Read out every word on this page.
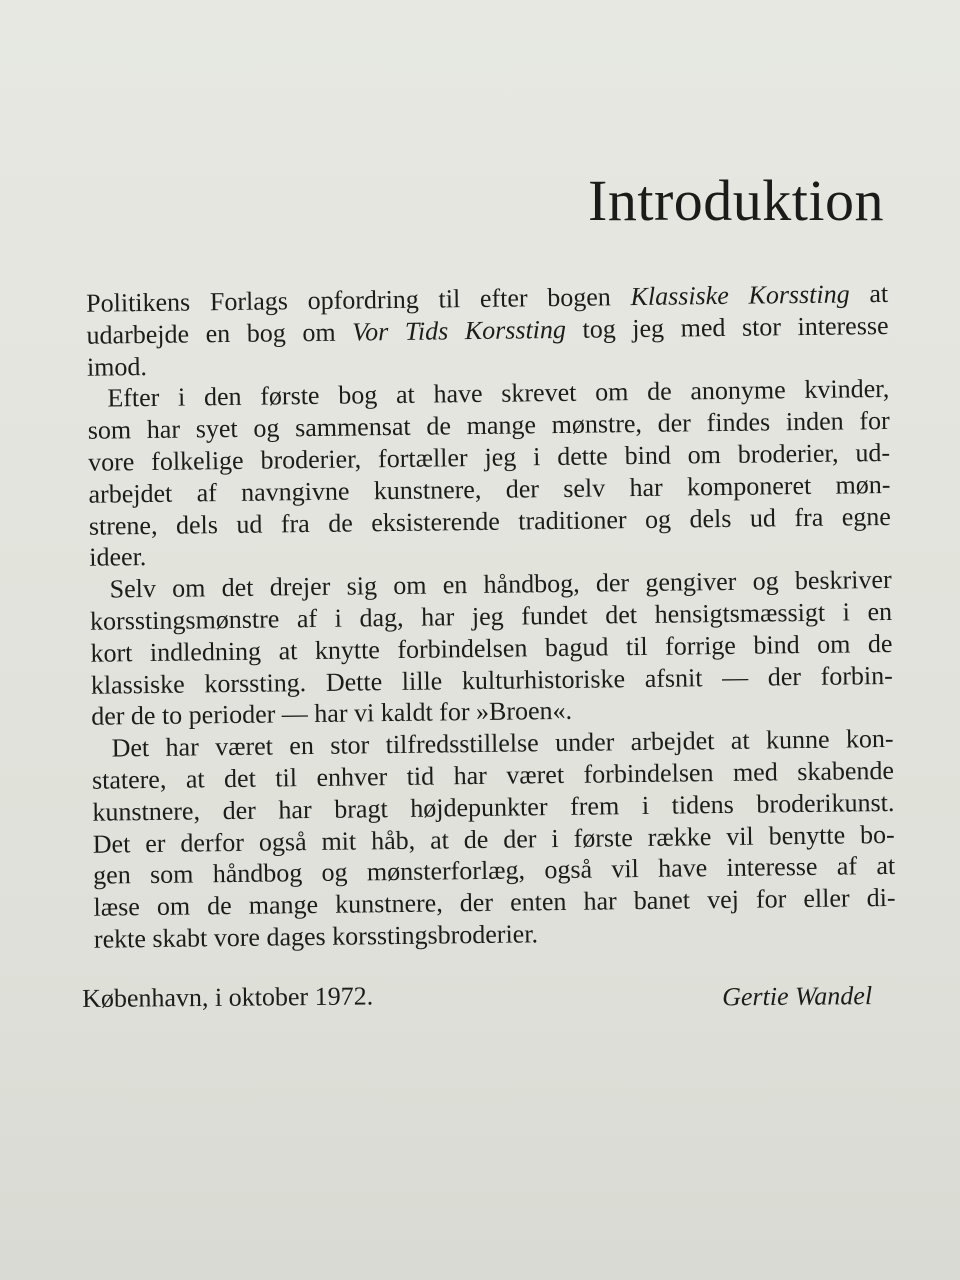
Introduktion

Politikens Forlags opfordring til efter bogen Klassiske Korssting at
udarbejde en bog om Vor Tids Korssting tog jeg med stor interesse
imod.

Efter i den første bog at have skrevet om de anonyme kvinder,
som har syet og sammensat de mange mønstre, der findes inden for
vore folkelige broderier, fortæller jeg i dette bind om broderier, ud-
arbejdet af navngivne kunstnere, der selv har komponeret møn-
strene, dels ud fra de eksisterende traditioner og dels ud fra egne
ideer.

Selv om det drejer sig om en håndbog, der gengiver og beskriver
korsstingsmønstre af i dag, har jeg fundet det hensigtsmæssigt i en
kort indledning at knytte forbindelsen bagud til forrige bind om de
klassiske korssting. Dette lille kulturhistoriske afsnit — der forbin-
der de to perioder — har vi kaldt for »Broen«.

Det har været en stor tilfredsstillelse under arbejdet at kunne kon-
statere, at det til enhver tid har været forbindelsen med skabende
kunstnere, der har bragt højdepunkter frem i tidens broderikunst.
Det er derfor også mit håb, at de der i første række vil benytte bo-
gen som håndbog og mønsterforlæg, også vil have interesse af at
læse om de mange kunstnere, der enten har banet vej for eller di-
rekte skabt vore dages korsstingsbroderier.

København, i oktober 1972.	Gertie Wandel
